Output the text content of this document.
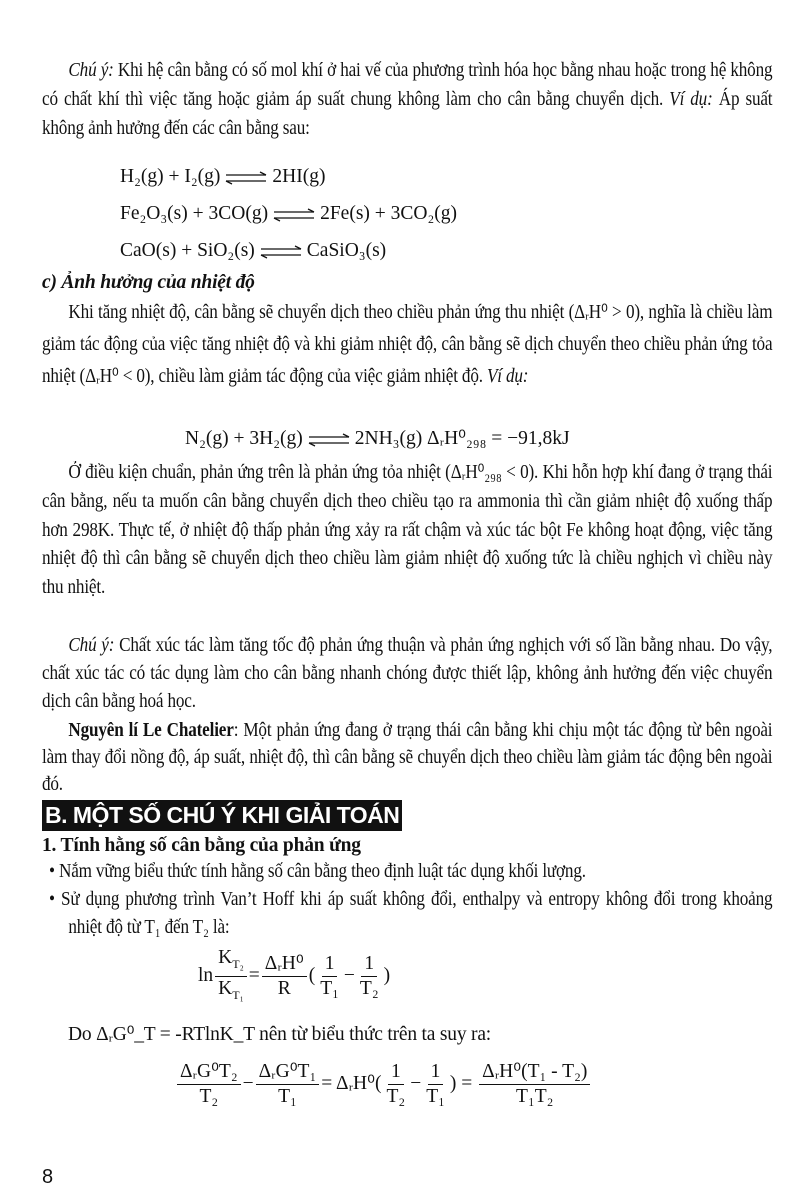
Chú ý: Khi hệ cân bằng có số mol khí ở hai vế của phương trình hóa học bằng nhau hoặc trong hệ không có chất khí thì việc tăng hoặc giảm áp suất chung không làm cho cân bằng chuyển dịch. Ví dụ: Áp suất không ảnh hưởng đến các cân bằng sau:
H₂(g) + I₂(g)	2HI(g)
Fe₂O₃(s) + 3CO(g)	2Fe(s) + 3CO₂(g)
CaO(s) + SiO₂(s)	CaSiO₃(s)
c) Ảnh hưởng của nhiệt độ
Khi tăng nhiệt độ, cân bằng sẽ chuyển dịch theo chiều phản ứng thu nhiệt (ΔᵣH⁰ > 0), nghĩa là chiều làm giảm tác động của việc tăng nhiệt độ và khi giảm nhiệt độ, cân bằng sẽ dịch chuyển theo chiều phản ứng tỏa nhiệt (ΔᵣH⁰ < 0), chiều làm giảm tác động của việc giảm nhiệt độ. Ví dụ:
N₂(g) + 3H₂(g)	2NH₃(g) ΔᵣH⁰₂₉₈ = −91,8kJ
Ở điều kiện chuẩn, phản ứng trên là phản ứng tỏa nhiệt (ΔᵣH⁰₂₉₈ < 0). Khi hỗn hợp khí đang ở trạng thái cân bằng, nếu ta muốn cân bằng chuyển dịch theo chiều tạo ra ammonia thì cần giảm nhiệt độ xuống thấp hơn 298K. Thực tế, ở nhiệt độ thấp phản ứng xảy ra rất chậm và xúc tác bột Fe không hoạt động, việc tăng nhiệt độ thì cân bằng sẽ chuyển dịch theo chiều làm giảm nhiệt độ xuống tức là chiều nghịch vì chiều này thu nhiệt.
Chú ý: Chất xúc tác làm tăng tốc độ phản ứng thuận và phản ứng nghịch với số lần bằng nhau. Do vậy, chất xúc tác có tác dụng làm cho cân bằng nhanh chóng được thiết lập, không ảnh hưởng đến việc chuyển dịch cân bằng hoá học.
Nguyên lí Le Chatelier: Một phản ứng đang ở trạng thái cân bằng khi chịu một tác động từ bên ngoài làm thay đổi nồng độ, áp suất, nhiệt độ, thì cân bằng sẽ chuyển dịch theo chiều làm giảm tác động bên ngoài đó.
B. MỘT SỐ CHÚ Ý KHI GIẢI TOÁN
1. Tính hằng số cân bằng của phản ứng
• Nắm vững biểu thức tính hằng số cân bằng theo định luật tác dụng khối lượng.
• Sử dụng phương trình Van’t Hoff khi áp suất không đổi, enthalpy và entropy không đổi trong khoảng nhiệt độ từ T₁ đến T₂ là:
$\ln \frac{K_{T_2}}{K_{T_1}} = \frac{\text{ΔᵣH⁰}}{R}$ ( $\frac{1}{\text{T₁}} - \frac{1}{\text{T₂}}$ )
Do ΔᵣG⁰_T = -RTlnK_T nên từ biểu thức trên ta suy ra:
$\frac{\text{ΔᵣG⁰T₂}}{\text{T₂}} - \frac{\text{ΔᵣG⁰T₁}}{\text{T₁}}$ = ΔᵣH⁰( $\frac{1}{\text{T₂}} - \frac{1}{\text{T₁}}$ ) = $\frac{\text{ΔᵣH⁰(T₁ - T₂)}}{\text{T₁T₂}}$
8
